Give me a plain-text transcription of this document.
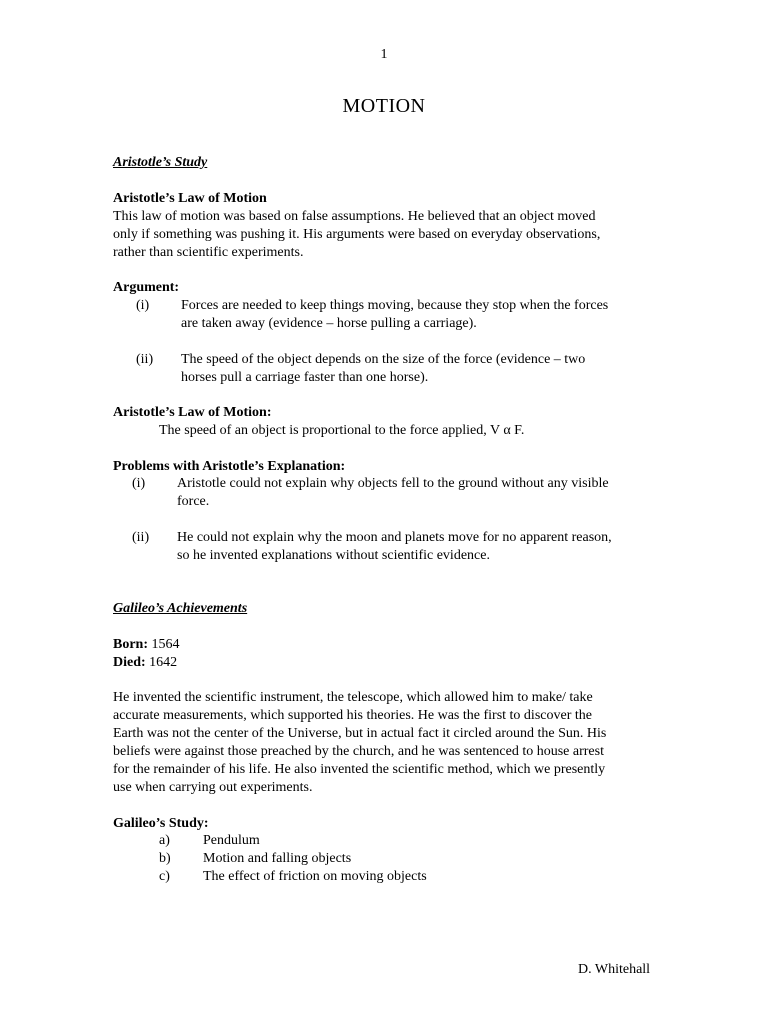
1
MOTION
Aristotle’s Study
Aristotle’s Law of Motion
This law of motion was based on false assumptions. He believed that an object moved
only if something was pushing it. His arguments were based on everyday observations,
rather than scientific experiments.
Argument:
(i) Forces are needed to keep things moving, because they stop when the forces
are taken away (evidence – horse pulling a carriage).
(ii) The speed of the object depends on the size of the force (evidence – two
horses pull a carriage faster than one horse).
Aristotle’s Law of Motion:
The speed of an object is proportional to the force applied, V α F.
Problems with Aristotle’s Explanation:
(i) Aristotle could not explain why objects fell to the ground without any visible
force.
(ii) He could not explain why the moon and planets move for no apparent reason,
so he invented explanations without scientific evidence.
Galileo’s Achievements
Born: 1564
Died: 1642
He invented the scientific instrument, the telescope, which allowed him to make/ take
accurate measurements, which supported his theories. He was the first to discover the
Earth was not the center of the Universe, but in actual fact it circled around the Sun. His
beliefs were against those preached by the church, and he was sentenced to house arrest
for the remainder of his life. He also invented the scientific method, which we presently
use when carrying out experiments.
Galileo’s Study:
a) Pendulum
b) Motion and falling objects
c) The effect of friction on moving objects
D. Whitehall
